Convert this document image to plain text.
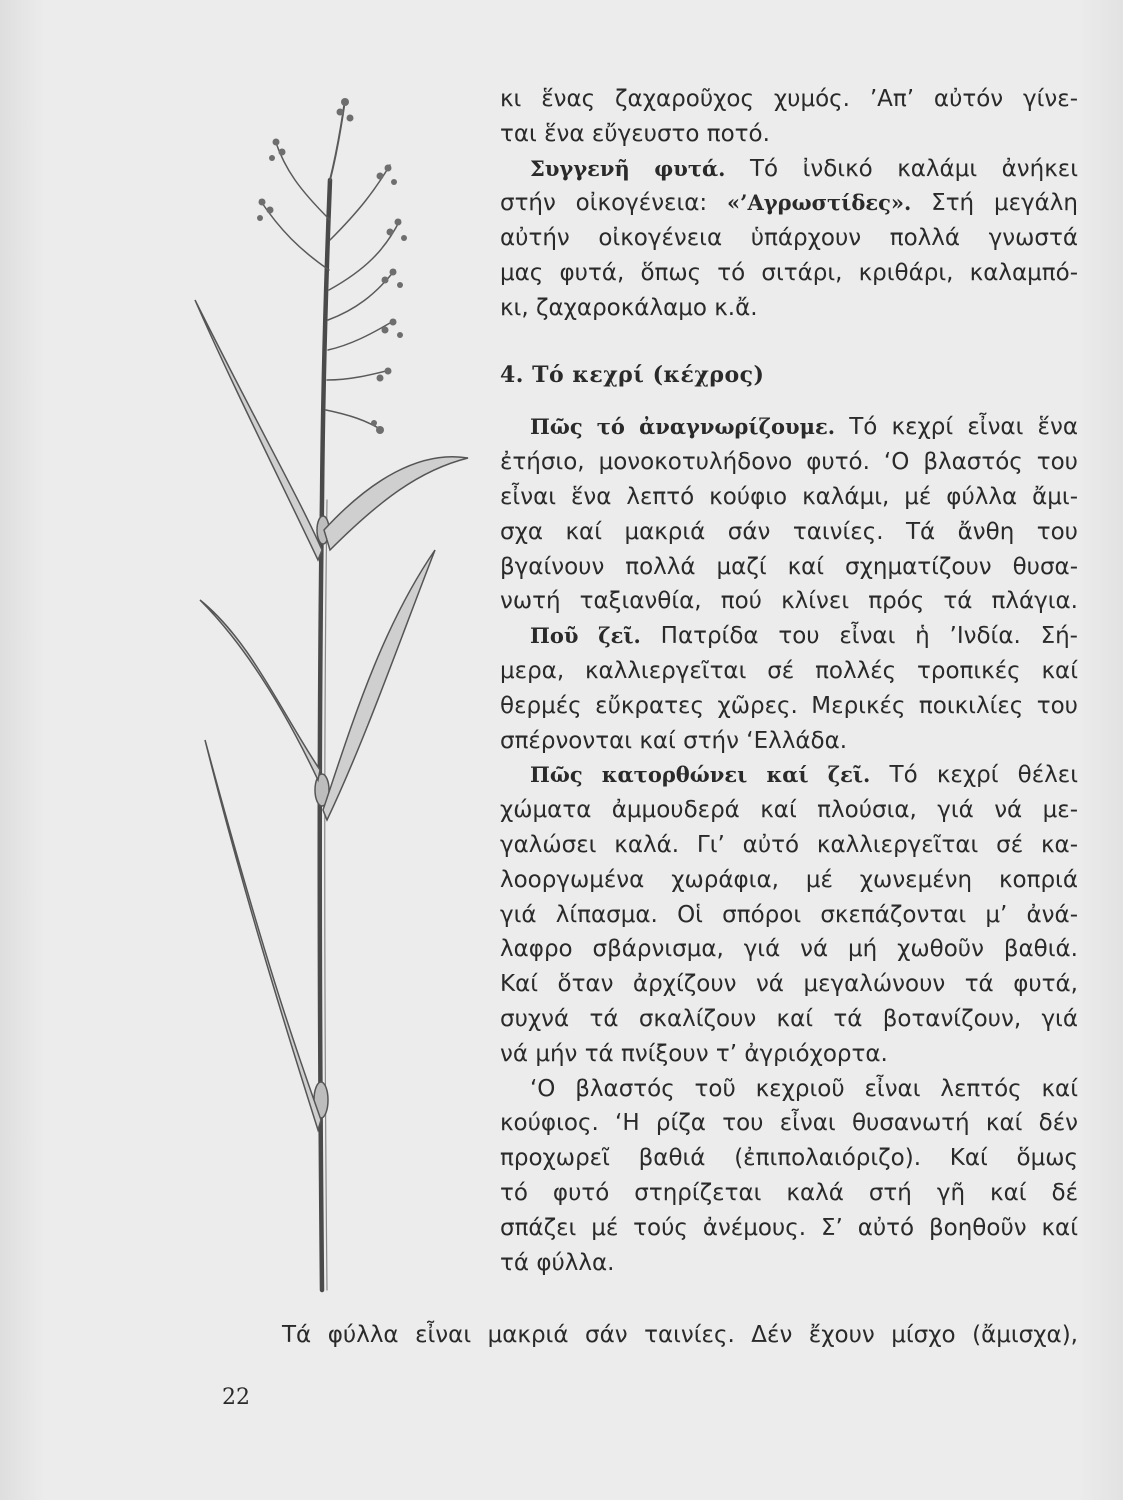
κι ἕνας ζαχαροῦχος χυμός. ’Απ’ αὐτόν γίνε-
ται ἕνα εὔγευστο ποτό.

Συγγενῆ φυτά. Τό ἰνδικό καλάμι ἀνήκει

στήν οἰκογένεια: «’Αγρωστίδες». Στή μεγάλη
αὐτήν οἰκογένεια ὑπάρχουν πολλά γνωστά
μας φυτά, ὅπως τό σιτάρι, κριθάρι, καλαμπό-
κι, ζαχαροκάλαμο κ.ἄ.

4. Τό κεχρί (κέχρος)

Πῶς τό ἀναγνωρίζουμε. Τό κεχρί εἶναι ἕνα

ἐτήσιο, μονοκοτυλήδονο φυτό. ‘Ο βλαστός του
εἶναι ἕνα λεπτό κούφιο καλάμι, μέ φύλλα ἄμι-
σχα καί μακριά σάν ταινίες. Τά ἄνθη του
βγαίνουν πολλά μαζί καί σχηματίζουν θυσα-
νωτή ταξιανθία, πού κλίνει πρός τά πλάγια.

Ποῦ ζεῖ. Πατρίδα του εἶναι ἡ ’Ινδία. Σή-

μερα, καλλιεργεῖται σέ πολλές τροπικές καί
θερμές εὔκρατες χῶρες. Μερικές ποικιλίες του
σπέρνονται καί στήν ‘Ελλάδα.

Πῶς κατορθώνει καί ζεῖ. Τό κεχρί θέλει

χώματα ἀμμουδερά καί πλούσια, γιά νά με-
γαλώσει καλά. Γι’ αὐτό καλλιεργεῖται σέ κα-
λοοργωμένα χωράφια, μέ χωνεμένη κοπριά
γιά λίπασμα. Οἱ σπόροι σκεπάζονται μ’ ἀνά-
λαφρο σβάρνισμα, γιά νά μή χωθοῦν βαθιά.
Καί ὅταν ἀρχίζουν νά μεγαλώνουν τά φυτά,
συχνά τά σκαλίζουν καί τά βοτανίζουν, γιά
νά μήν τά πνίξουν τ’ ἀγριόχορτα.

‘Ο βλαστός τοῦ κεχριοῦ εἶναι λεπτός καί

κούφιος. ‘Η ρίζα του εἶναι θυσανωτή καί δέν
προχωρεῖ βαθιά (ἐπιπολαιόριζο). Καί ὅμως
τό φυτό στηρίζεται καλά στή γῆ καί δέ
σπάζει μέ τούς ἀνέμους. Σ’ αὐτό βοηθοῦν καί
τά φύλλα.

Τά φύλλα εἶναι μακριά σάν ταινίες. Δέν ἔχουν μίσχο (ἄμισχα),
22
